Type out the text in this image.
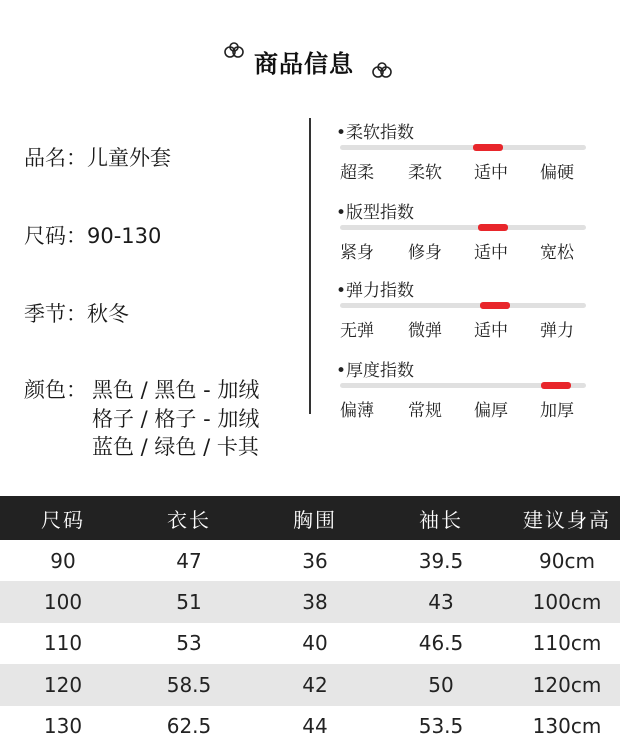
商品信息
品名：儿童外套
尺码：90-130
季节：秋冬
颜色： 黑色 / 黑色 - 加绒
格子 / 格子 - 加绒
蓝色 / 绿色 / 卡其
•柔软指数
超柔 柔软 适中 偏硬
•版型指数
紧身 修身 适中 宽松
•弹力指数
无弹 微弹 适中 弹力
•厚度指数
偏薄 常规 偏厚 加厚
尺码	衣长	胸围	袖长	建议身高
90	47	36	39.5	90cm
100	51	38	43	100cm
110	53	40	46.5	110cm
120	58.5	42	50	120cm
130	62.5	44	53.5	130cm
